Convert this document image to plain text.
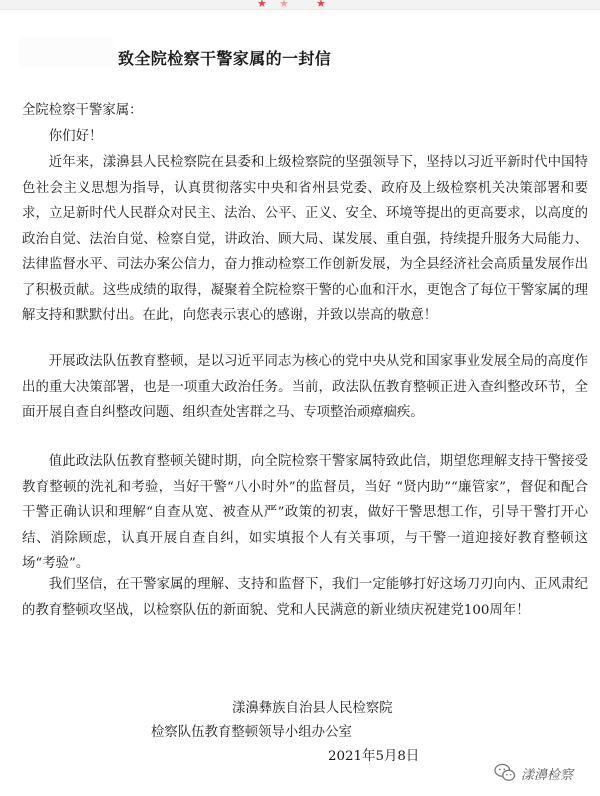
★ ★ ★
致全院检察干警家属的一封信

全院检察干警家属：

你们好！

近年来，漾濞县人民检察院在县委和上级检察院的坚强领导下，坚持以习近平新时代中国特色社会主义思想为指导，认真贯彻落实中央和省州县党委、政府及上级检察机关决策部署和要求，立足新时代人民群众对民主、法治、公平、正义、安全、环境等提出的更高要求，以高度的政治自觉、法治自觉、检察自觉，讲政治、顾大局、谋发展、重自强，持续提升服务大局能力、法律监督水平、司法办案公信力，奋力推动检察工作创新发展，为全县经济社会高质量发展作出了积极贡献。这些成绩的取得，凝聚着全院检察干警的心血和汗水，更饱含了每位干警家属的理解支持和默默付出。在此，向您表示衷心的感谢，并致以崇高的敬意！

开展政法队伍教育整顿，是以习近平同志为核心的党中央从党和国家事业发展全局的高度作出的重大决策部署，也是一项重大政治任务。当前，政法队伍教育整顿正进入查纠整改环节，全面开展自查自纠整改问题、组织查处害群之马、专项整治顽瘴痼疾。

值此政法队伍教育整顿关键时期，向全院检察干警家属特致此信，期望您理解支持干警接受教育整顿的洗礼和考验，当好干警“八小时外”的监督员，当好 “贤内助”“廉管家”，督促和配合干警正确认识和理解“自查从宽、被查从严”政策的初衷，做好干警思想工作，引导干警打开心结、消除顾虑，认真开展自查自纠，如实填报个人有关事项，与干警一道迎接好教育整顿这场“考验”。

我们坚信，在干警家属的理解、支持和监督下，我们一定能够打好这场刀刃向内、正风肃纪的教育整顿攻坚战，以检察队伍的新面貌、党和人民满意的新业绩庆祝建党100周年！

漾濞彝族自治县人民检察院
检察队伍教育整顿领导小组办公室
2021年5月8日
漾濞检察
